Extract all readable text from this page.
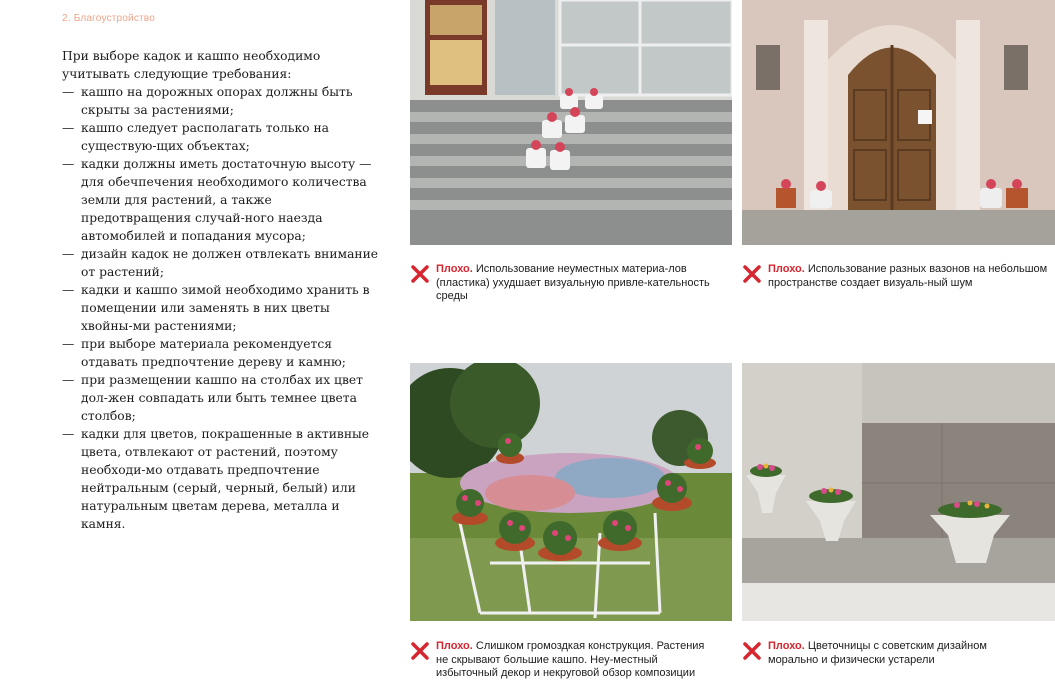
2. Благоустройство

При выборе кадок и кашпо необходимо учитывать следующие требования:

— кашпо на дорожных опорах должны быть скрыты за растениями;
— кашпо следует располагать только на существую-щих объектах;
— кадки должны иметь достаточную высоту — для обечпечения необходимого количества земли для растений, а также предотвращения случай-ного наезда автомобилей и попадания мусора;
— дизайн кадок не должен отвлекать внимание от растений;
— кадки и кашпо зимой необходимо хранить в помещении или заменять в них цветы хвойны-ми растениями;
— при выборе материала рекомендуется отдавать предпочтение дереву и камню;
— при размещении кашпо на столбах их цвет дол-жен совпадать или быть темнее цвета столбов;
— кадки для цветов, покрашенные в активные цвета, отвлекают от растений, поэтому необходи-мо отдавать предпочтение нейтральным (серый, черный, белый) или натуральным цветам дерева, металла и камня.
Плохо. Использование неуместных материа-лов (пластика) ухудшает визуальную привле-кательность среды
Плохо. Использование разных вазонов на небольшом пространстве создает визуаль-ный шум
Плохо. Слишком громоздкая конструкция. Растения не скрывают большие кашпо. Неу-местный избыточный декор и некруговой обзор композиции
Плохо. Цветочницы с советским дизайном морально и физически устарели
